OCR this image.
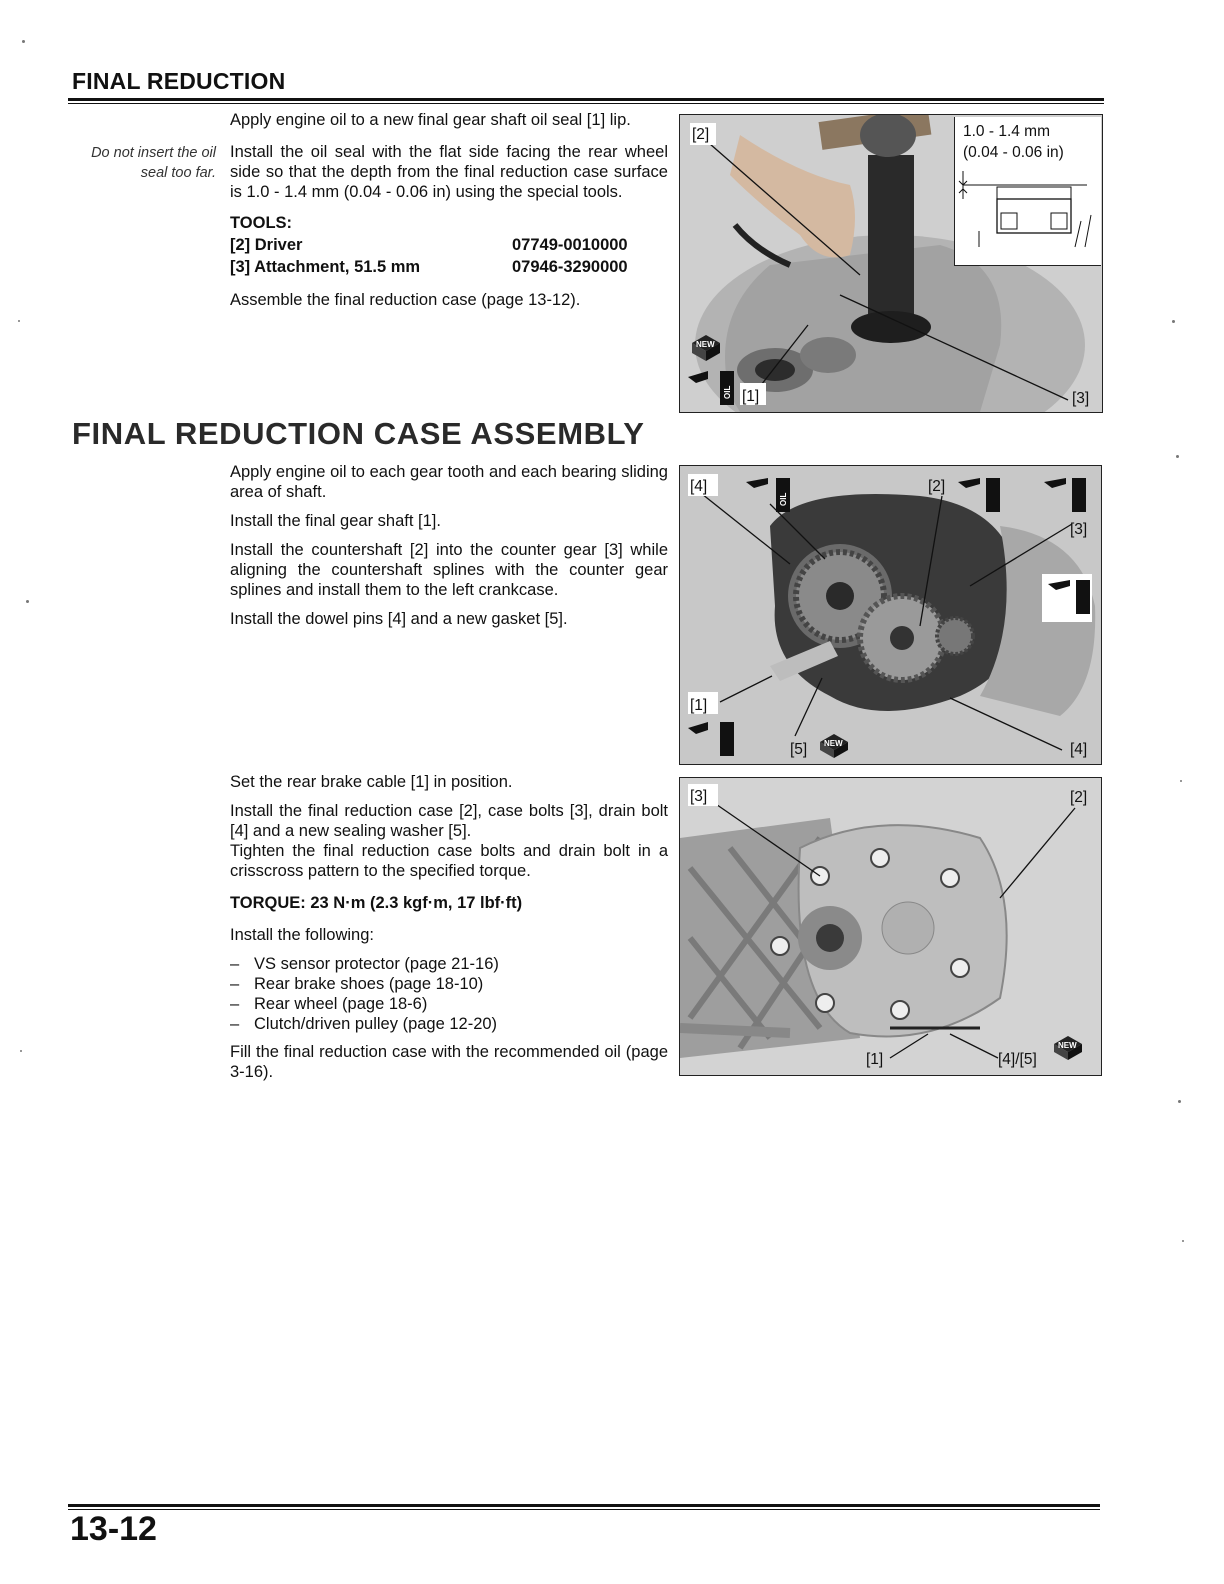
FINAL REDUCTION
Do not insert the oil seal too far.

Apply engine oil to a new final gear shaft oil seal [1] lip.

Install the oil seal with the flat side facing the rear wheel side so that the depth from the final reduction case surface is 1.0 - 1.4 mm (0.04 - 0.06 in) using the special tools.

TOOLS:

[2] Driver	07749-0010000
[3] Attachment, 51.5 mm	07946-3290000

Assemble the final reduction case (page 13-12).

[2]
[1]	[3]
NEW
OIL
1.0 - 1.4 mm
(0.04 - 0.06 in)
FINAL REDUCTION CASE ASSEMBLY

Apply engine oil to each gear tooth and each bearing sliding area of shaft.

Install the final gear shaft [1].

Install the countershaft [2] into the counter gear [3] while aligning the countershaft splines with the counter gear splines and install them to the left crankcase.

Install the dowel pins [4] and a new gasket [5].

[4]	[2]
[3]
[1]
[5]	[4]
OIL
NEW

Set the rear brake cable [1] in position.

Install the final reduction case [2], case bolts [3], drain bolt [4] and a new sealing washer [5].

Tighten the final reduction case bolts and drain bolt in a crisscross pattern to the specified torque.

TORQUE: 23 N·m (2.3 kgf·m, 17 lbf·ft)

Install the following:

– VS sensor protector (page 21-16)
– Rear brake shoes (page 18-10)
– Rear wheel (page 18-6)
– Clutch/driven pulley (page 12-20)

Fill the final reduction case with the recommended oil (page 3-16).

[3]	[2]
[1]	[4]/[5]
NEW
13-12
